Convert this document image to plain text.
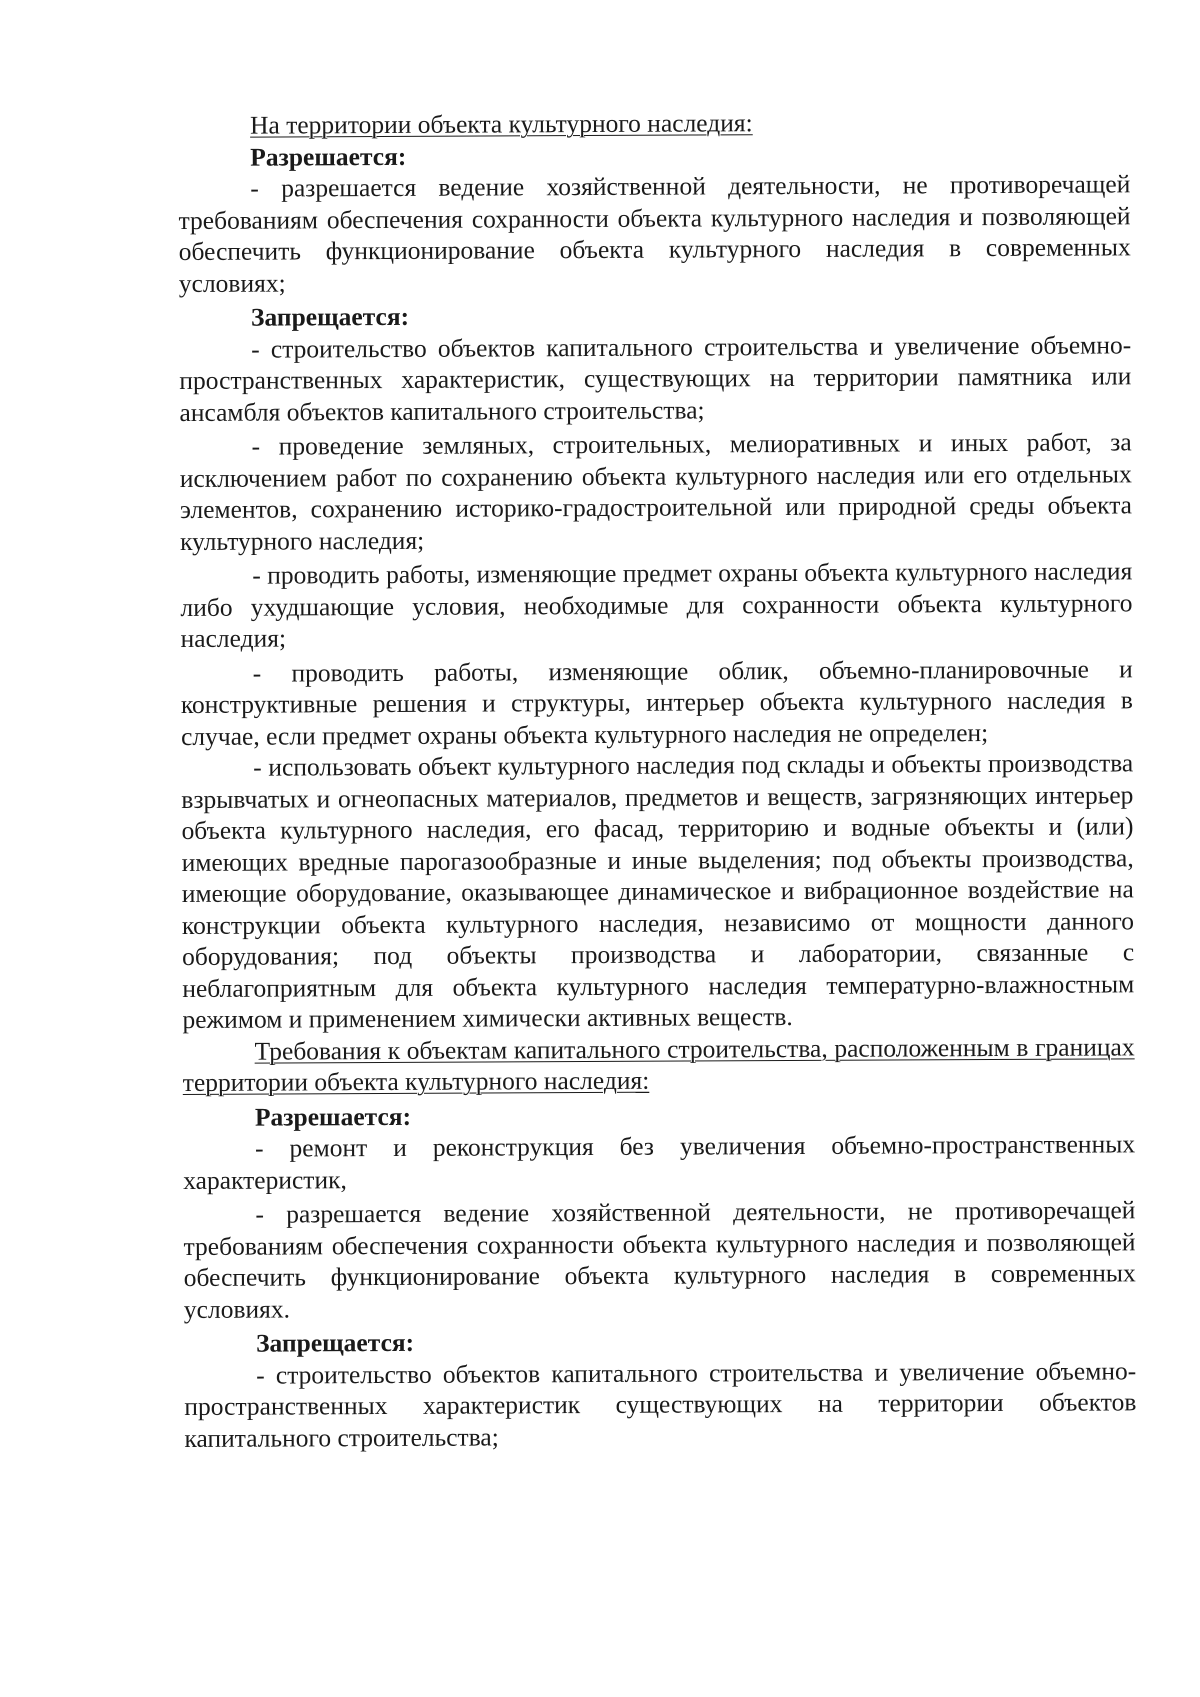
На территории объекта культурного наследия:

Разрешается:

- разрешается ведение хозяйственной деятельности, не противоречащей требованиям обеспечения сохранности объекта культурного наследия и позволяющей обеспечить функционирование объекта культурного наследия в современных условиях;

Запрещается:

- строительство объектов капитального строительства и увеличение объемно-пространственных характеристик, существующих на территории памятника или ансамбля объектов капитального строительства;

- проведение земляных, строительных, мелиоративных и иных работ, за исключением работ по сохранению объекта культурного наследия или его отдельных элементов, сохранению историко-градостроительной или природной среды объекта культурного наследия;

- проводить работы, изменяющие предмет охраны объекта культурного наследия либо ухудшающие условия, необходимые для сохранности объекта культурного наследия;

- проводить работы, изменяющие облик, объемно-планировочные и конструктивные решения и структуры, интерьер объекта культурного наследия в случае, если предмет охраны объекта культурного наследия не определен;

- использовать объект культурного наследия под склады и объекты производства взрывчатых и огнеопасных материалов, предметов и веществ, загрязняющих интерьер объекта культурного наследия, его фасад, территорию и водные объекты и (или) имеющих вредные парогазообразные и иные выделения; под объекты производства, имеющие оборудование, оказывающее динамическое и вибрационное воздействие на конструкции объекта культурного наследия, независимо от мощности данного оборудования; под объекты производства и лаборатории, связанные с неблагоприятным для объекта культурного наследия температурно-влажностным режимом и применением химически активных веществ.

Требования к объектам капитального строительства, расположенным в границах территории объекта культурного наследия:

Разрешается:

- ремонт и реконструкция без увеличения объемно-пространственных характеристик,

- разрешается ведение хозяйственной деятельности, не противоречащей требованиям обеспечения сохранности объекта культурного наследия и позволяющей обеспечить функционирование объекта культурного наследия в современных условиях.

Запрещается:

- строительство объектов капитального строительства и увеличение объемно-пространственных характеристик существующих на территории объектов капитального строительства;
